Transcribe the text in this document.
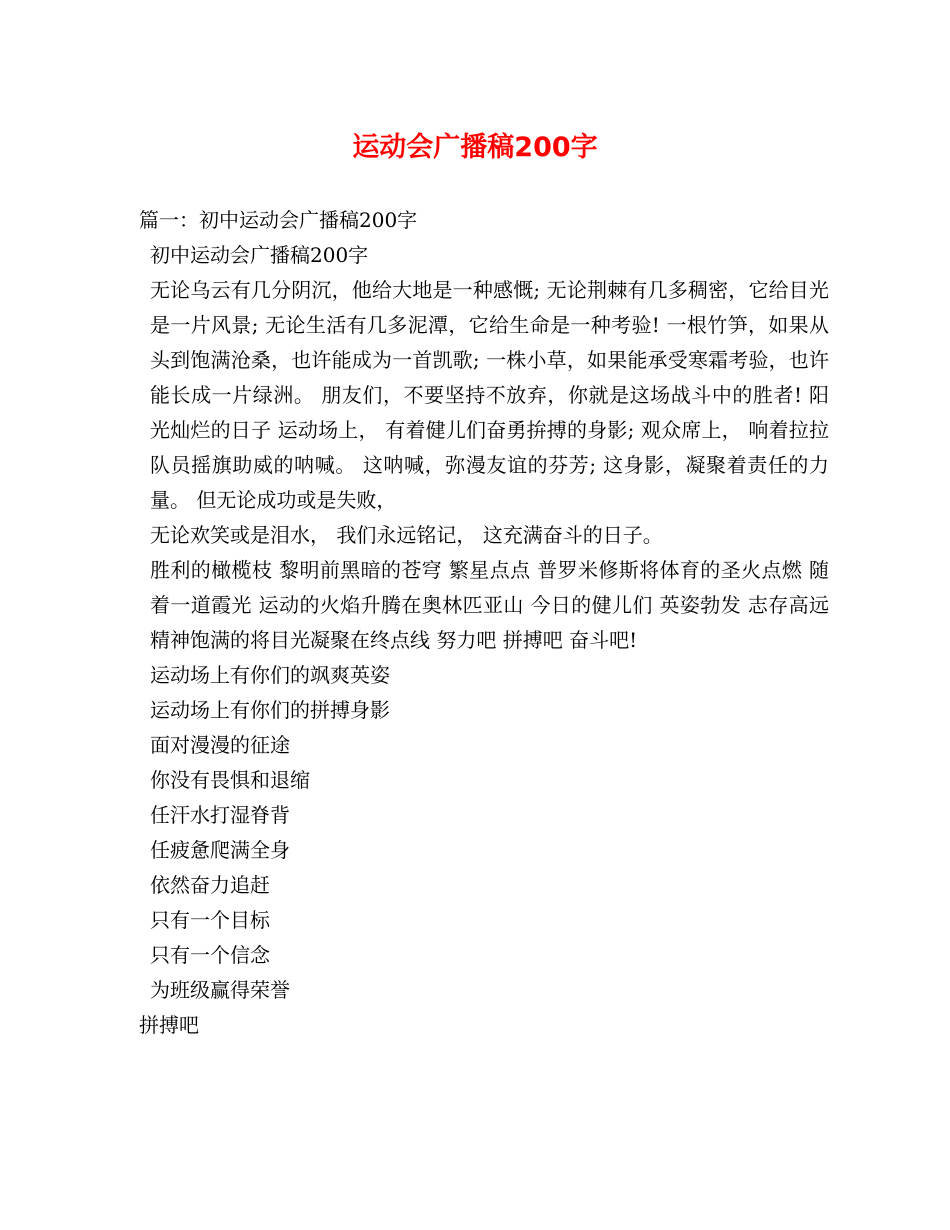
运动会广播稿200字
篇一：初中运动会广播稿200字
初中运动会广播稿200字
无论乌云有几分阴沉，他给大地是一种感慨; 无论荆棘有几多稠密，它给目光是一片风景; 无论生活有几多泥潭，它给生命是一种考验! 一根竹笋，如果从头到饱满沧桑，也许能成为一首凯歌; 一株小草，如果能承受寒霜考验，也许能长成一片绿洲。 朋友们，不要坚持不放弃，你就是这场战斗中的胜者! 阳光灿烂的日子 运动场上， 有着健儿们奋勇拚搏的身影; 观众席上， 响着拉拉队员摇旗助威的呐喊。 这呐喊，弥漫友谊的芬芳; 这身影，凝聚着责任的力量。 但无论成功或是失败，
无论欢笑或是泪水， 我们永远铭记， 这充满奋斗的日子。
胜利的橄榄枝 黎明前黑暗的苍穹 繁星点点 普罗米修斯将体育的圣火点燃 随着一道霞光 运动的火焰升腾在奥林匹亚山 今日的健儿们 英姿勃发 志存高远 精神饱满的将目光凝聚在终点线 努力吧 拼搏吧 奋斗吧!
运动场上有你们的飒爽英姿
运动场上有你们的拼搏身影
面对漫漫的征途
你没有畏惧和退缩
任汗水打湿脊背
任疲惫爬满全身
依然奋力追赶
只有一个目标
只有一个信念
为班级赢得荣誉
拼搏吧
